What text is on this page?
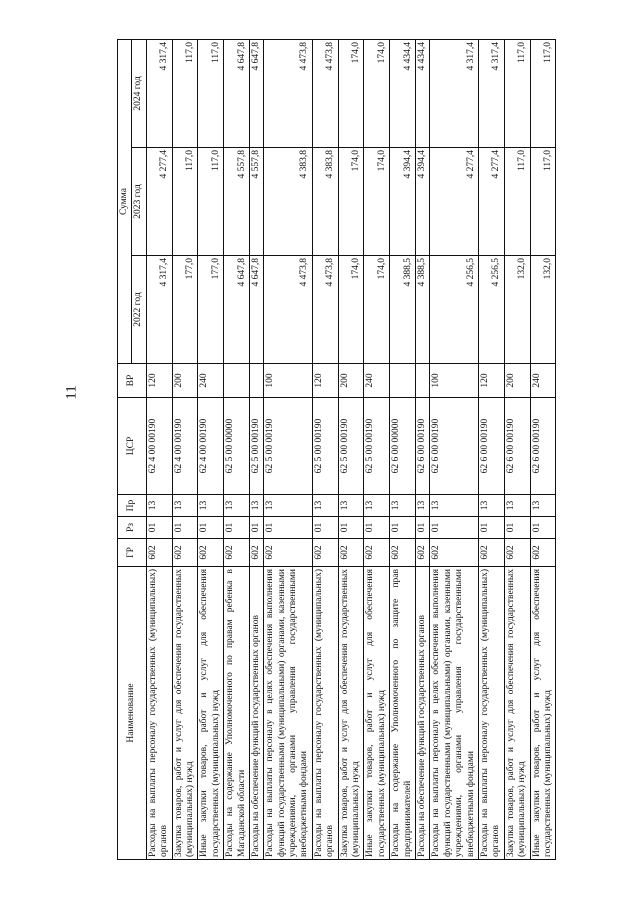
11
Наименование	ГР	Рз	Пр	ЦСР	ВР	Сумма		
						2022 год	2023 год	2024 год
Расходы на выплаты персоналу государственных (муниципальных) органов	602	01	13	62 4 00 00190	120	4 317,4	4 277,4	4 317,4
Закупка товаров, работ и услуг для обеспечения государственных (муниципальных) нужд	602	01	13	62 4 00 00190	200	177,0	117,0	117,0
Иные закупки товаров, работ и услуг для обеспечения государственных (муниципальных) нужд	602	01	13	62 4 00 00190	240	177,0	117,0	117,0
Расходы на содержание Уполномоченного по правам ребенка в Магаданской области	602	01	13	62 5 00 00000		4 647,8	4 557,8	4 647,8
Расходы на обеспечение функций государственных органов	602	01	13	62 5 00 00190		4 647,8	4 557,8	4 647,8
Расходы на выплаты персоналу в целях обеспечения выполнения функций государственными (муниципальными) органами, казенными учреждениями, органами управления государственными внебюджетными фондами	602	01	13	62 5 00 00190	100	4 473,8	4 383,8	4 473,8
Расходы на выплаты персоналу государственных (муниципальных) органов	602	01	13	62 5 00 00190	120	4 473,8	4 383,8	4 473,8
Закупка товаров, работ и услуг для обеспечения государственных (муниципальных) нужд	602	01	13	62 5 00 00190	200	174,0	174,0	174,0
Иные закупки товаров, работ и услуг для обеспечения государственных (муниципальных) нужд	602	01	13	62 5 00 00190	240	174,0	174,0	174,0
Расходы на содержание Уполномоченного по защите прав предпринимателей	602	01	13	62 6 00 00000		4 388,5	4 394,4	4 434,4
Расходы на обеспечение функций государственных органов	602	01	13	62 6 00 00190		4 388,5	4 394,4	4 434,4
Расходы на выплаты персоналу в целях обеспечения выполнения функций государственными (муниципальными) органами, казенными учреждениями, органами управления государственными внебюджетными фондами	602	01	13	62 6 00 00190	100	4 256,5	4 277,4	4 317,4
Расходы на выплаты персоналу государственных (муниципальных) органов	602	01	13	62 6 00 00190	120	4 256,5	4 277,4	4 317,4
Закупка товаров, работ и услуг для обеспечения государственных (муниципальных) нужд	602	01	13	62 6 00 00190	200	132,0	117,0	117,0
Иные закупки товаров, работ и услуг для обеспечения государственных (муниципальных) нужд	602	01	13	62 6 00 00190	240	132,0	117,0	117,0
